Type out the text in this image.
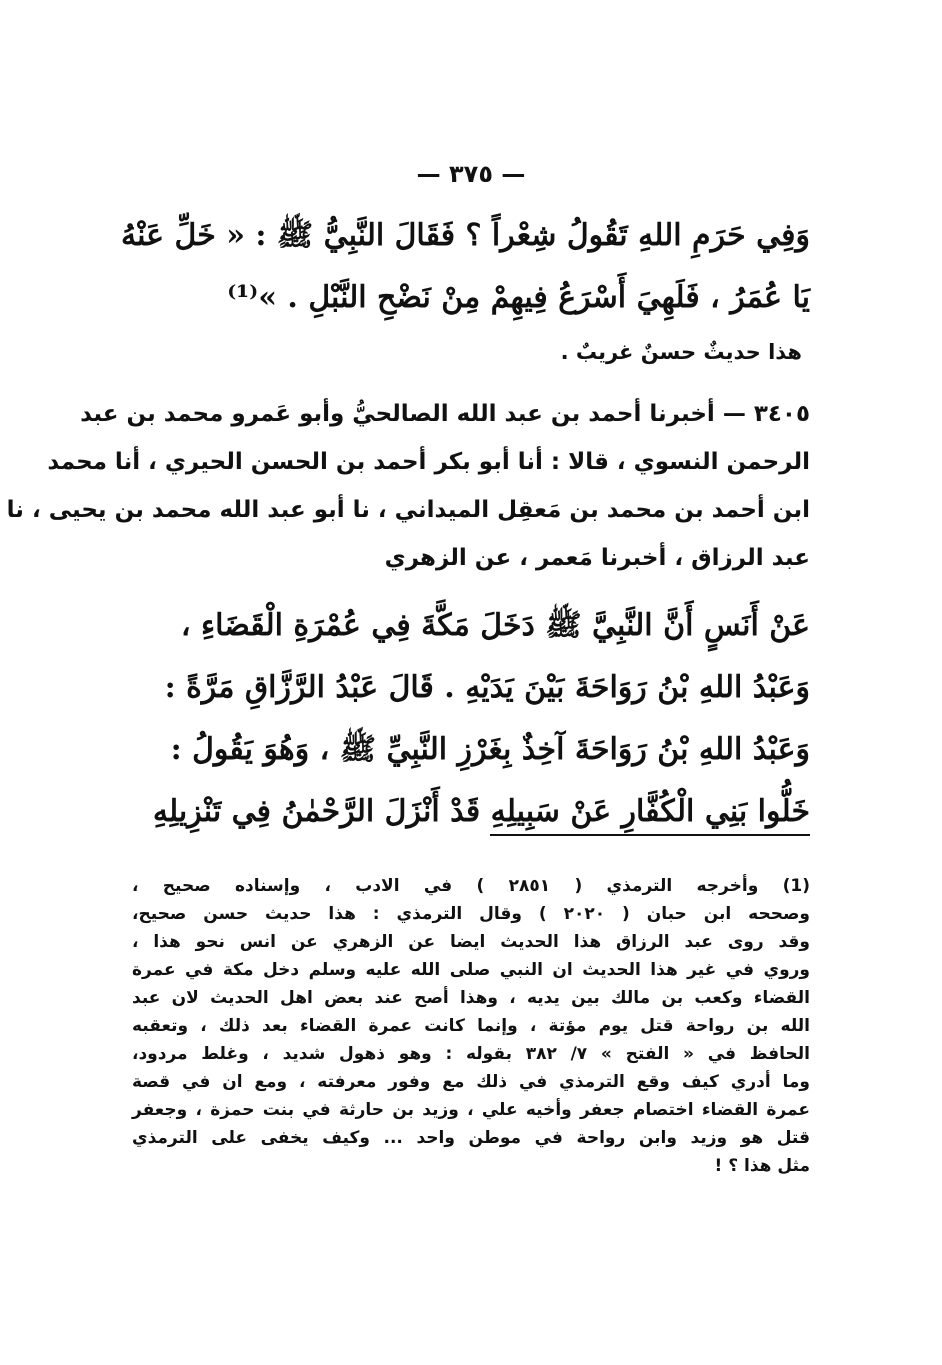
— ٣٧٥ —
وَفِي حَرَمِ اللهِ تَقُولُ شِعْراً ؟ فَقَالَ النَّبِيُّ ﷺ : « خَلِّ عَنْهُ
يَا عُمَرُ ، فَلَهِيَ أَسْرَعُ فِيهِمْ مِنْ نَضْحِ النَّبْلِ . »⁽¹⁾
هذا حديثٌ حسنٌ غريبٌ .
٣٤٠٥ — أخبرنا أحمد بن عبد الله الصالحيُّ وأبو عَمرو محمد بن عبد
الرحمن النسوي ، قالا : أنا أبو بكر أحمد بن الحسن الحيري ، أنا محمد
ابن أحمد بن محمد بن مَعقِل الميداني ، نا أبو عبد الله محمد بن يحيى ، نا
عبد الرزاق ، أخبرنا مَعمر ، عن الزهري
عَنْ أَنَسٍ أَنَّ النَّبِيَّ ﷺ دَخَلَ مَكَّةَ فِي عُمْرَةِ الْقَضَاءِ ،
وَعَبْدُ اللهِ بْنُ رَوَاحَةَ بَيْنَ يَدَيْهِ . قَالَ عَبْدُ الرَّزَّاقِ مَرَّةً :
وَعَبْدُ اللهِ بْنُ رَوَاحَةَ آخِذٌ بِغَرْزِ النَّبِيِّ ﷺ ، وَهُوَ يَقُولُ :
خَلُّوا بَنِي الْكُفَّارِ عَنْ سَبِيلِهِ قَدْ أَنْزَلَ الرَّحْمٰنُ فِي تَنْزِيلِهِ
(1) وأخرجه الترمذي ( ٢٨٥١ ) في الادب ، وإسناده صحيح ،
وصححه ابن حبان ( ٢٠٢٠ ) وقال الترمذي : هذا حديث حسن صحيح،
وقد روى عبد الرزاق هذا الحديث ايضا عن الزهري عن انس نحو هذا ،
وروي في غير هذا الحديث ان النبي صلى الله عليه وسلم دخل مكة في عمرة
القضاء وكعب بن مالك بين يديه ، وهذا أصح عند بعض اهل الحديث لان عبد
الله بن رواحة قتل يوم مؤتة ، وإنما كانت عمرة القضاء بعد ذلك ، وتعقبه
الحافظ في « الفتح » ٧/ ٣٨٢ بقوله : وهو ذهول شديد ، وغلط مردود،
وما أدري كيف وقع الترمذي في ذلك مع وفور معرفته ، ومع ان في قصة
عمرة القضاء اختصام جعفر وأخيه علي ، وزيد بن حارثة في بنت حمزة ، وجعفر
قتل هو وزيد وابن رواحة في موطن واحد ... وكيف يخفى على الترمذي
مثل هذا ؟ !
